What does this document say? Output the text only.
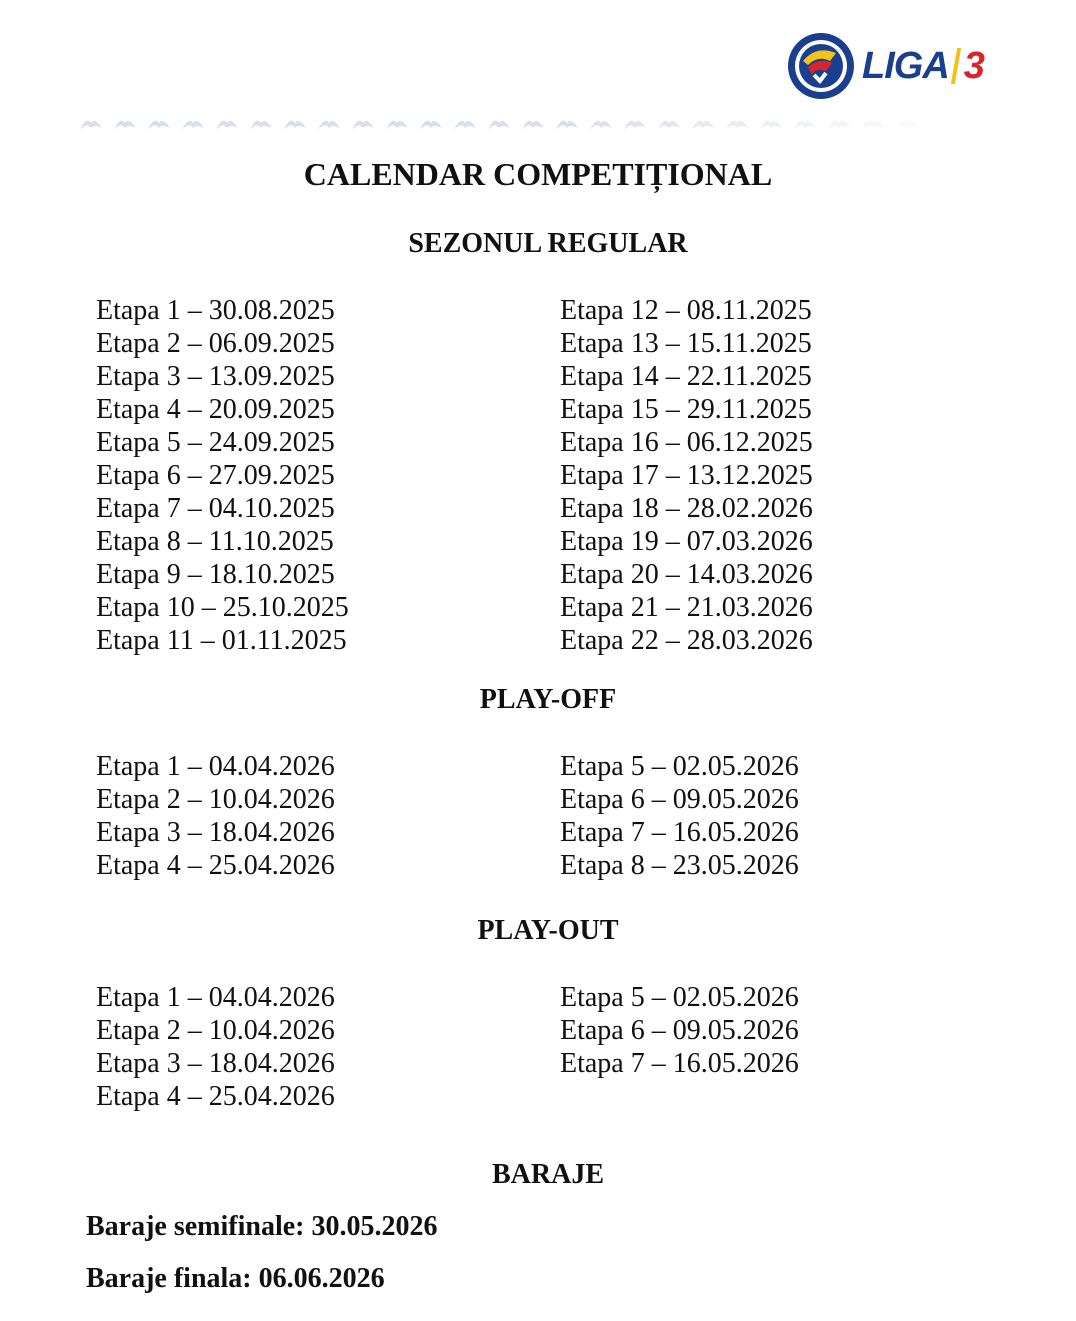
LIGA 3
CALENDAR COMPETIȚIONAL
SEZONUL REGULAR
Etapa 1 – 30.08.2025
Etapa 2 – 06.09.2025
Etapa 3 – 13.09.2025
Etapa 4 – 20.09.2025
Etapa 5 – 24.09.2025
Etapa 6 – 27.09.2025
Etapa 7 – 04.10.2025
Etapa 8 – 11.10.2025
Etapa 9 – 18.10.2025
Etapa 10 – 25.10.2025
Etapa 11 – 01.11.2025
Etapa 12 – 08.11.2025
Etapa 13 – 15.11.2025
Etapa 14 – 22.11.2025
Etapa 15 – 29.11.2025
Etapa 16 – 06.12.2025
Etapa 17 – 13.12.2025
Etapa 18 – 28.02.2026
Etapa 19 – 07.03.2026
Etapa 20 – 14.03.2026
Etapa 21 – 21.03.2026
Etapa 22 – 28.03.2026
PLAY-OFF
Etapa 1 – 04.04.2026
Etapa 2 – 10.04.2026
Etapa 3 – 18.04.2026
Etapa 4 – 25.04.2026
Etapa 5 – 02.05.2026
Etapa 6 – 09.05.2026
Etapa 7 – 16.05.2026
Etapa 8 – 23.05.2026
PLAY-OUT
Etapa 1 – 04.04.2026
Etapa 2 – 10.04.2026
Etapa 3 – 18.04.2026
Etapa 4 – 25.04.2026
Etapa 5 – 02.05.2026
Etapa 6 – 09.05.2026
Etapa 7 – 16.05.2026
BARAJE
Baraje semifinale: 30.05.2026
Baraje finala: 06.06.2026
